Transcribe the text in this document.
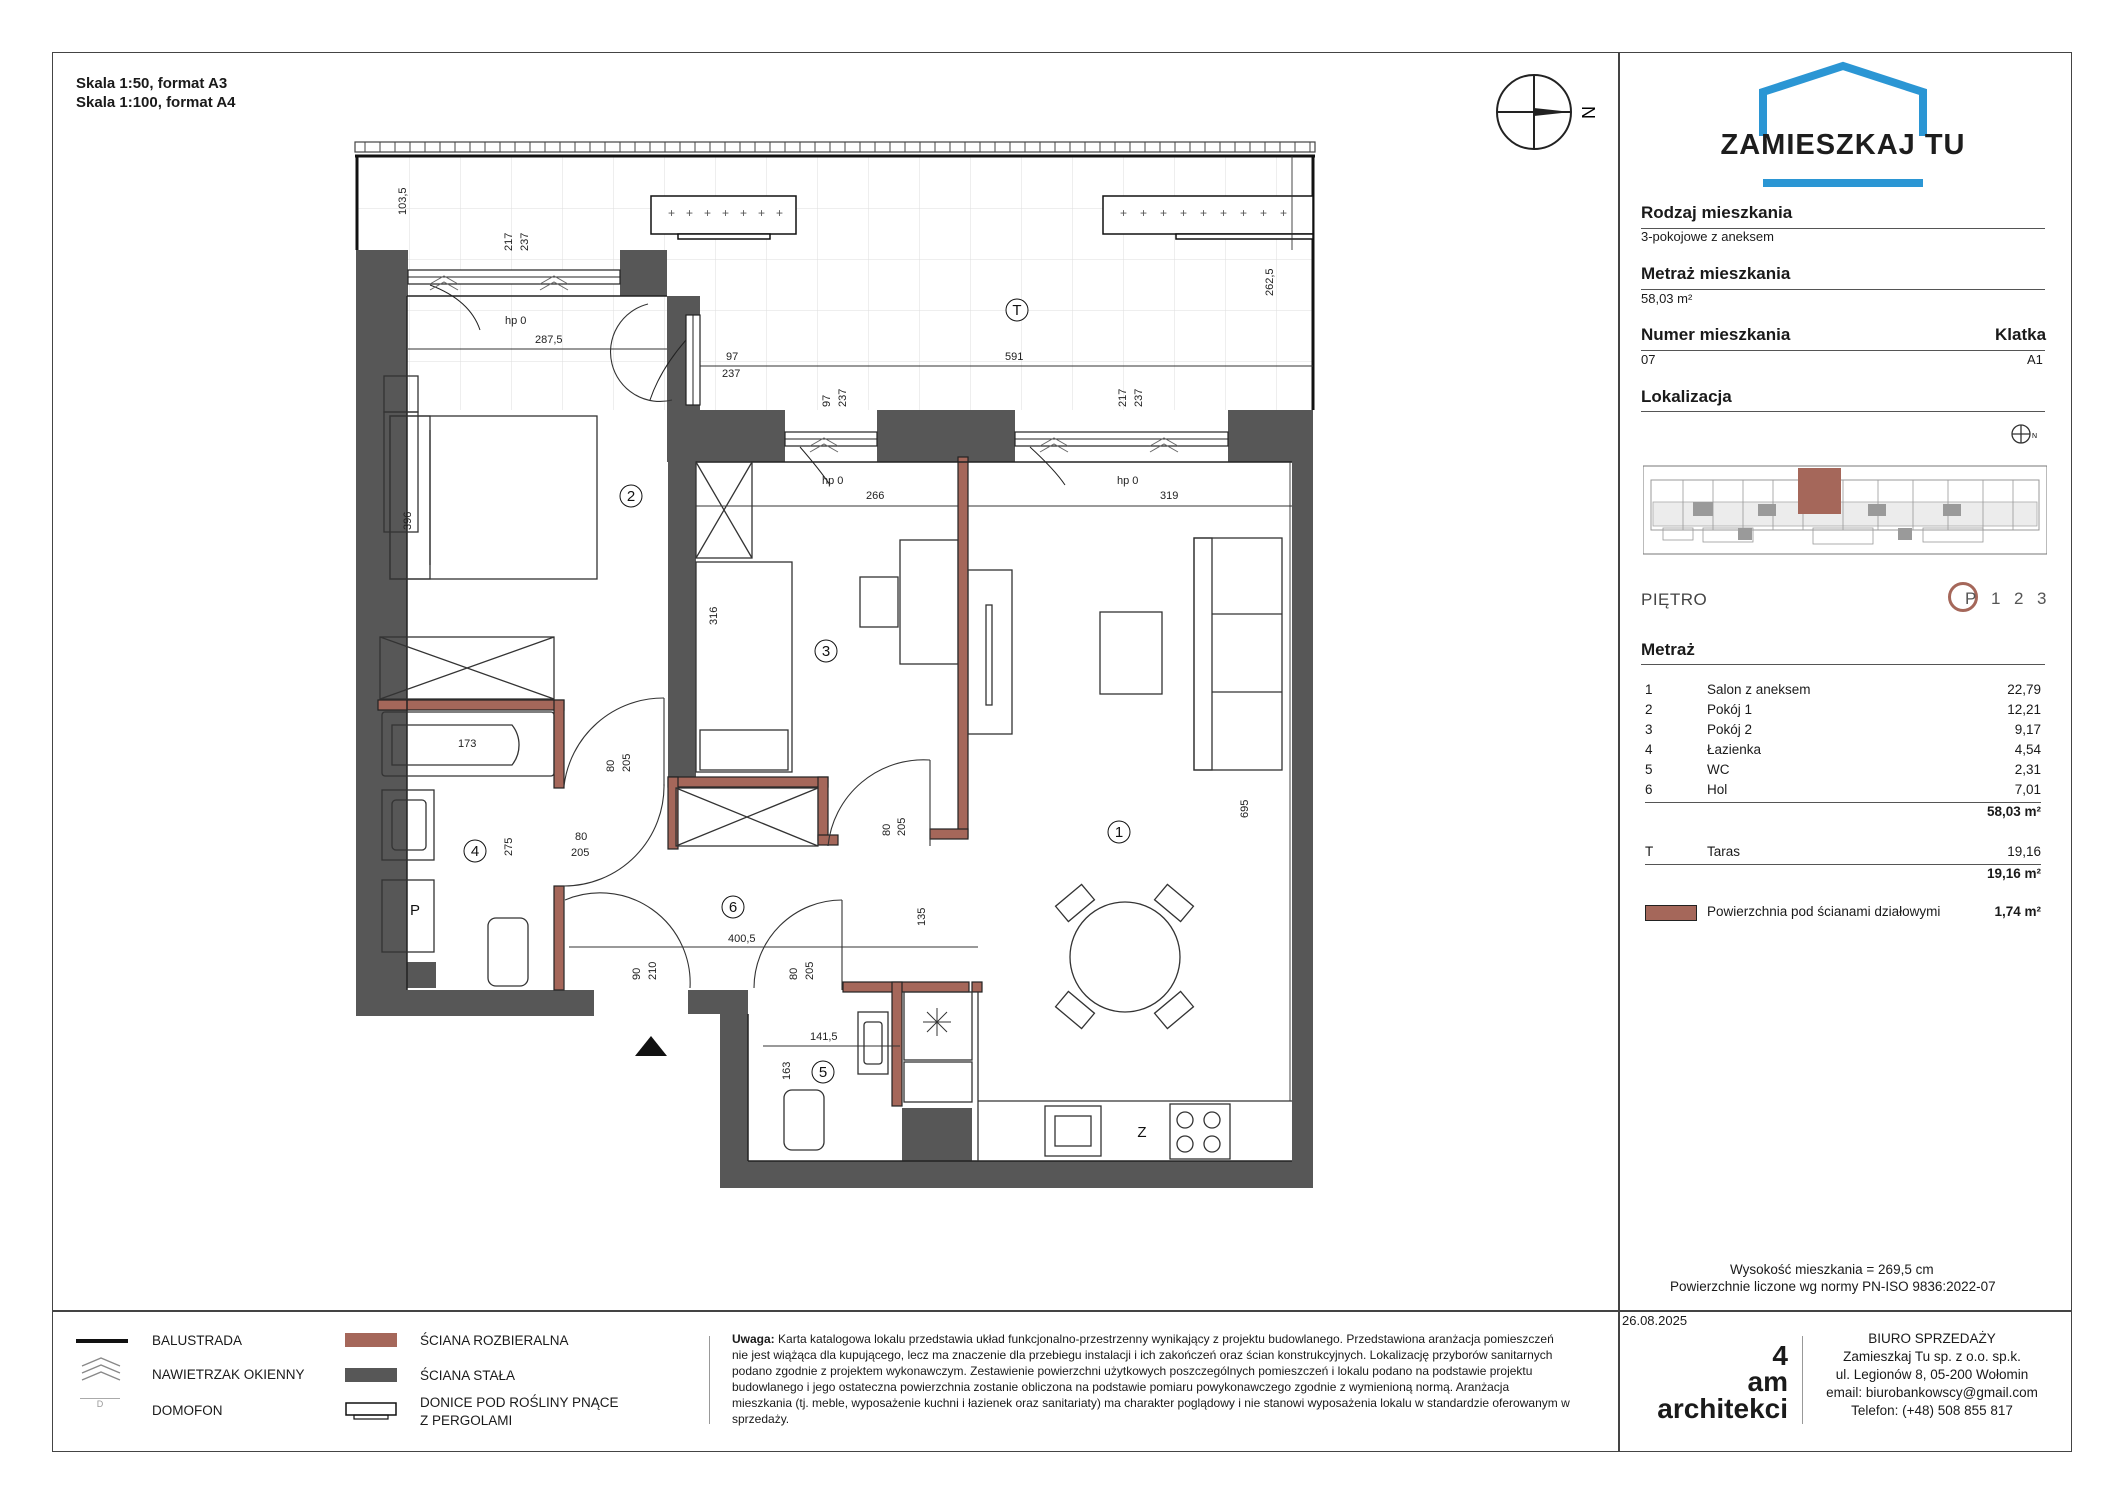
Skala 1:50, format A3
Skala 1:100, format A4
N
ZAMIESZKAJ TU
Rodzaj mieszkania
3-pokojowe z aneksem
Metraż mieszkania
58,03 m²
Numer mieszkania	Klatka
07	A1
Lokalizacja
N
PIĘTRO	P 1 2 3
Metraż
1	Salon z aneksem	22,79
2	Pokój 1	12,21
3	Pokój 2	9,17
4	Łazienka	4,54
5	WC	2,31
6	Hol	7,01
58,03 m²
T	Taras	19,16
19,16 m²
Powierzchnia pod ścianami działowymi	1,74 m²
Wysokość mieszkania = 269,5 cm
Powierzchnie liczone wg normy PN-ISO 9836:2022-07
+ + + + + + +	+ + + + + + + + +
1
2
3
4
5
6
T
P
Z
103,5
217 237
287,5
97
237
591
262,5
97 237	217 237
266	319
396
316
173
80 205
80
205
275
80 205
695
400,5
135
90 210	80 205
141,5
163
hp 0
hp 0	hp 0
BALUSTRADA
NAWIETRZAK OKIENNY
D	DOMOFON
ŚCIANA ROZBIERALNA
ŚCIANA STAŁA
DONICE POD ROŚLINY PNĄCE
Z PERGOLAMI
Uwaga: Karta katalogowa lokalu przedstawia układ funkcjonalno-przestrzenny wynikający z projektu budowlanego. Przedstawiona aranżacja pomieszczeń
nie jest wiążąca dla kupującego, lecz ma znaczenie dla przebiegu instalacji i ich zakończeń oraz ścian konstrukcyjnych. Lokalizację przyborów sanitarnych
podano zgodnie z projektem wykonawczym. Zestawienie powierzchni użytkowych poszczególnych pomieszczeń i lokalu podano na podstawie projektu
budowlanego i jego ostateczna powierzchnia zostanie obliczona na podstawie pomiaru powykonawczego zgodnie z wymienioną normą. Aranżacja
mieszkania (tj. meble, wyposażenie kuchni i łazienek oraz sanitariaty) ma charakter poglądowy i nie stanowi wyposażenia lokalu w standardzie oferowanym w
sprzedaży.
26.08.2025
4
am
architekci
BIURO SPRZEDAŻY
Zamieszkaj Tu sp. z o.o. sp.k.
ul. Legionów 8, 05-200 Wołomin
email: biurobankowscy@gmail.com
Telefon: (+48) 508 855 817
